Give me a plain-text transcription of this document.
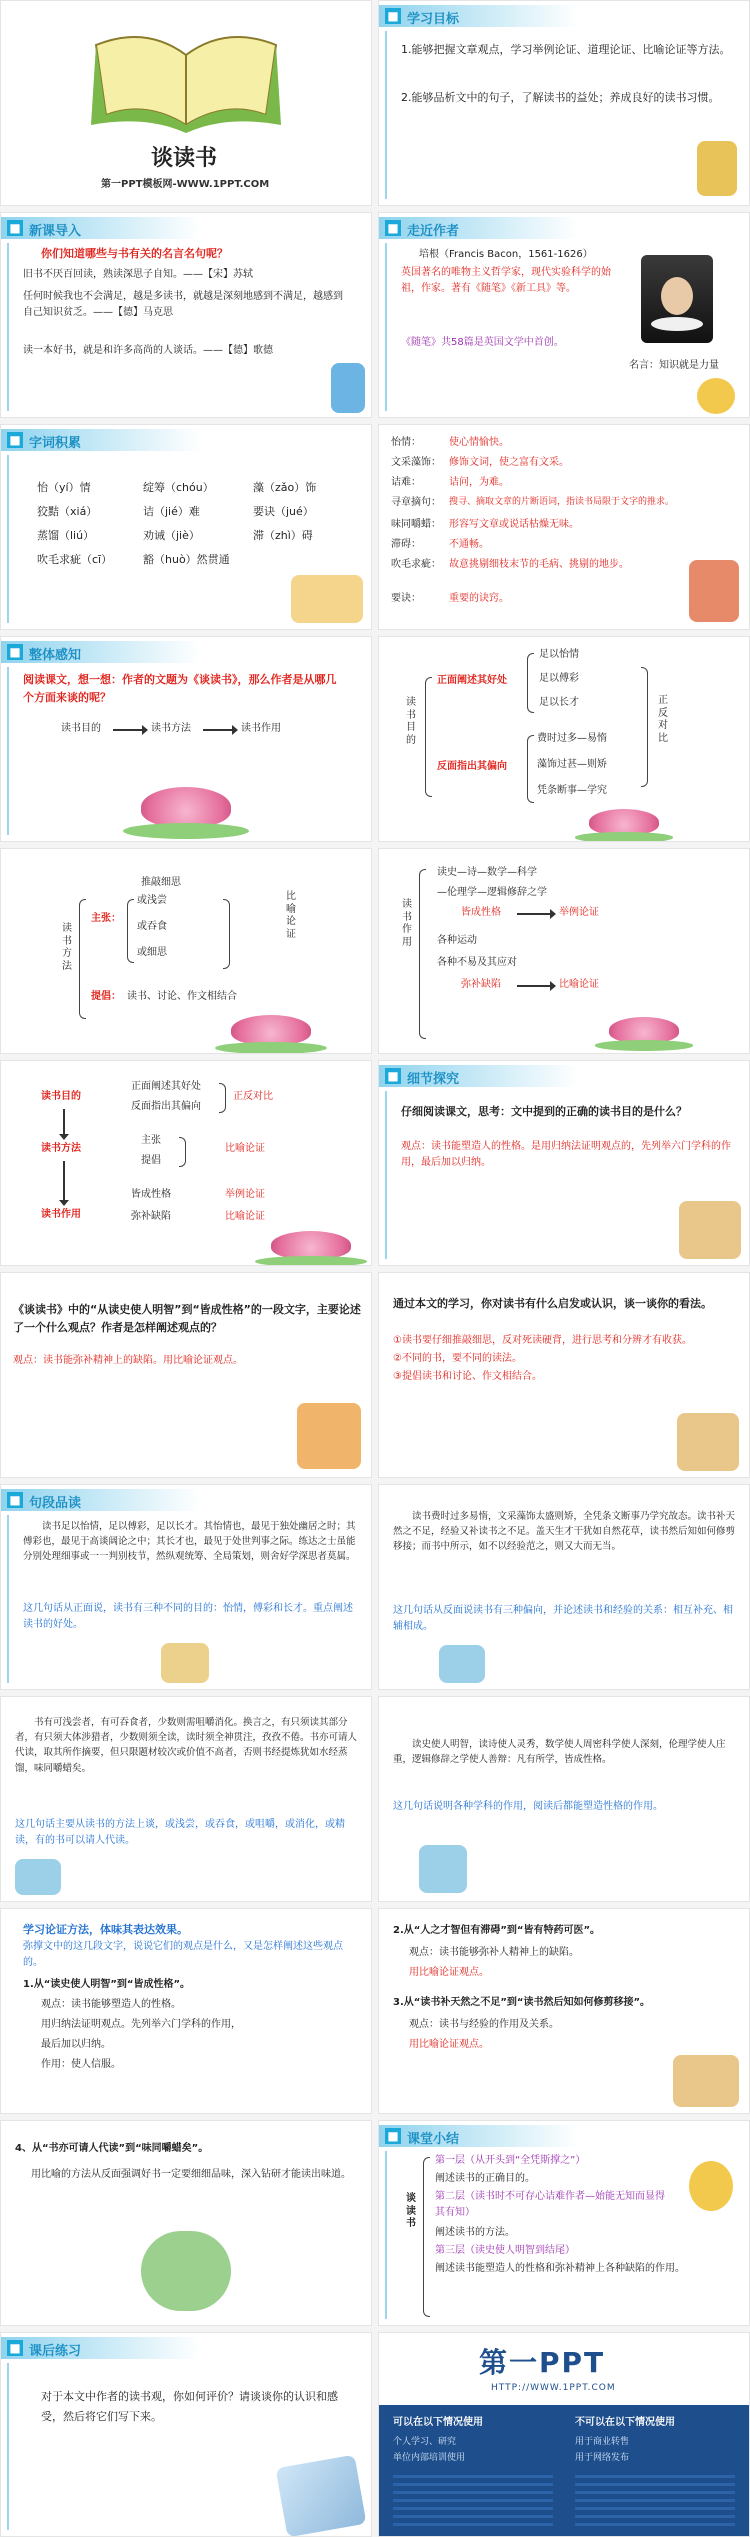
谈读书
第一PPT模板网-WWW.1PPT.COM
■ 学习目标
1.能够把握文章观点，学习举例论证、道理论证、比喻论证等方法。
2.能够品析文中的句子，了解读书的益处；养成良好的读书习惯。
■ 新课导入
你们知道哪些与书有关的名言名句呢？
旧书不厌百回读，熟读深思子自知。——【宋】苏轼
任何时候我也不会满足，越是多读书，就越是深刻地感到不满足，越感到自己知识贫乏。——【德】马克思
读一本好书，就是和许多高尚的人谈话。——【德】歌德
■ 走近作者
培根（Francis Bacon，1561-1626）
英国著名的唯物主义哲学家，现代实验科学的始祖，作家。著有《随笔》《新工具》等。
《随笔》共58篇是英国文学中首创。
名言：知识就是力量
■ 字词积累
怡（yí）情	绽筹（chóu）	藻（zǎo）饰
狡黠（xiá）	诘（jié）难	要诀（jué）
蒸馏（liú）	劝诫（jiè）	滞（zhì）碍
吹毛求疵（cī）	豁（huò）然贯通
怡情：	使心情愉快。
文采藻饰： 修饰文词，使之富有文采。
诘难：	诘问，为难。
寻章摘句： 搜寻、摘取文章的片断语词，指读书局限于文字的推求。
味同嚼蜡： 形容写文章或说话枯燥无味。
滞碍：	不通畅。
吹毛求疵： 故意挑剔细枝末节的毛病、挑剔的地步。
要诀：	重要的诀窍。
■ 整体感知
阅读课文，想一想：作者的文题为《谈读书》，那么作者是从哪几个方面来谈的呢？
读书目的	读书方法	读书作用
读书目的
正面阐述其好处
足以怡情
足以傅彩
足以长才
反面指出其偏向
费时过多—易惰
藻饰过甚—则矫
凭条断事—学究
正反对比
推敲细思
读书方法
主张：
或浅尝
或吞食
或细思
比喻论证
提倡： 读书、讨论、作文相结合
读书作用
读史—诗—数学—科学
—伦理学—逻辑修辞之学
皆成性格	举例论证
各种运动
各种不易及其应对
弥补缺陷	比喻论证
读书目的
读书方法
读书作用
正面阐述其好处
反面指出其偏向
正反对比
主张
提倡
比喻论证
皆成性格	举例论证
弥补缺陷	比喻论证
■ 细节探究
仔细阅读课文，思考：文中提到的正确的读书目的是什么？
观点：读书能塑造人的性格。是用归纳法证明观点的，先列举六门学科的作用，最后加以归纳。
《谈读书》中的“从读史使人明智”到“皆成性格”的一段文字，主要论述了一个什么观点？作者是怎样阐述观点的？
观点：读书能弥补精神上的缺陷。用比喻论证观点。
通过本文的学习，你对读书有什么启发或认识，谈一谈你的看法。
①读书要仔细推敲细思，反对死读硬背，进行思考和分辨才有收获。
②不同的书，要不同的读法。
③提倡读书和讨论、作文相结合。
■ 句段品读
读书足以怡情，足以傅彩，足以长才。其怡情也，最见于独处幽居之时；其傅彩也，最见于高谈阔论之中；其长才也，最见于处世判事之际。练达之士虽能分别处理细事或一一判别枝节，然纵观统筹、全局策划，则舍好学深思者莫属。
这几句话从正面说，读书有三种不同的目的：怡情，傅彩和长才。重点阐述读书的好处。
读书费时过多易惰，文采藻饰太盛则矫，全凭条文断事乃学究故态。读书补天然之不足，经验又补读书之不足。盖天生才干犹如自然花草，读书然后知如何修剪移接；而书中所示，如不以经验范之，则又大而无当。
这几句话从反面说读书有三种偏向，并论述读书和经验的关系：相互补充、相辅相成。
书有可浅尝者，有可吞食者，少数则需咀嚼消化。换言之，有只须读其部分者，有只须大体涉猎者，少数则须全读，读时须全神贯注，孜孜不倦。书亦可请人代读，取其所作摘要，但只限题材较次或价值不高者，否则书经提炼犹如水经蒸馏，味同嚼蜡矣。
这几句话主要从读书的方法上谈，或浅尝，或吞食，或咀嚼，或消化，或精读，有的书可以请人代读。
读史使人明智，读诗使人灵秀，数学使人周密科学使人深刻，伦理学使人庄重，逻辑修辞之学使人善辩：凡有所学，皆成性格。
这几句话说明各种学科的作用，阅读后都能塑造性格的作用。
学习论证方法，体味其表达效果。
弥撑文中的这几段文字，说说它们的观点是什么，又是怎样阐述这些观点的。
1.从“读史使人明智”到“皆成性格”。
观点：读书能够塑造人的性格。
用归纳法证明观点。先列举六门学科的作用，
最后加以归纳。
作用：使人信服。
2.从“人之才智但有滞碍”到“皆有特药可医”。
观点：读书能够弥补人精神上的缺陷。
用比喻论证观点。
3.从“读书补天然之不足”到“读书然后知如何修剪移接”。
观点：读书与经验的作用及关系。
用比喻论证观点。
4、从“书亦可请人代读”到“味同嚼蜡矣”。
用比喻的方法从反面强调好书一定要细细品味，深入钻研才能读出味道。
■ 课堂小结
谈读书
第一层（从开头到“全凭斯撑之”）
阐述读书的正确目的。
第二层（读书时不可存心诘难作者—始能无知而显得其有知）
阐述读书的方法。
第三层（读史使人明智到结尾）
阐述读书能塑造人的性格和弥补精神上各种缺陷的作用。
■ 课后练习
对于本文中作者的读书观，你如何评价？请谈谈你的认识和感受，然后将它们写下来。
第一PPT
HTTP://WWW.1PPT.COM
可以在以下情况使用
个人学习、研究
单位内部培训使用
不可以在以下情况使用
用于商业转售
用于网络发布
